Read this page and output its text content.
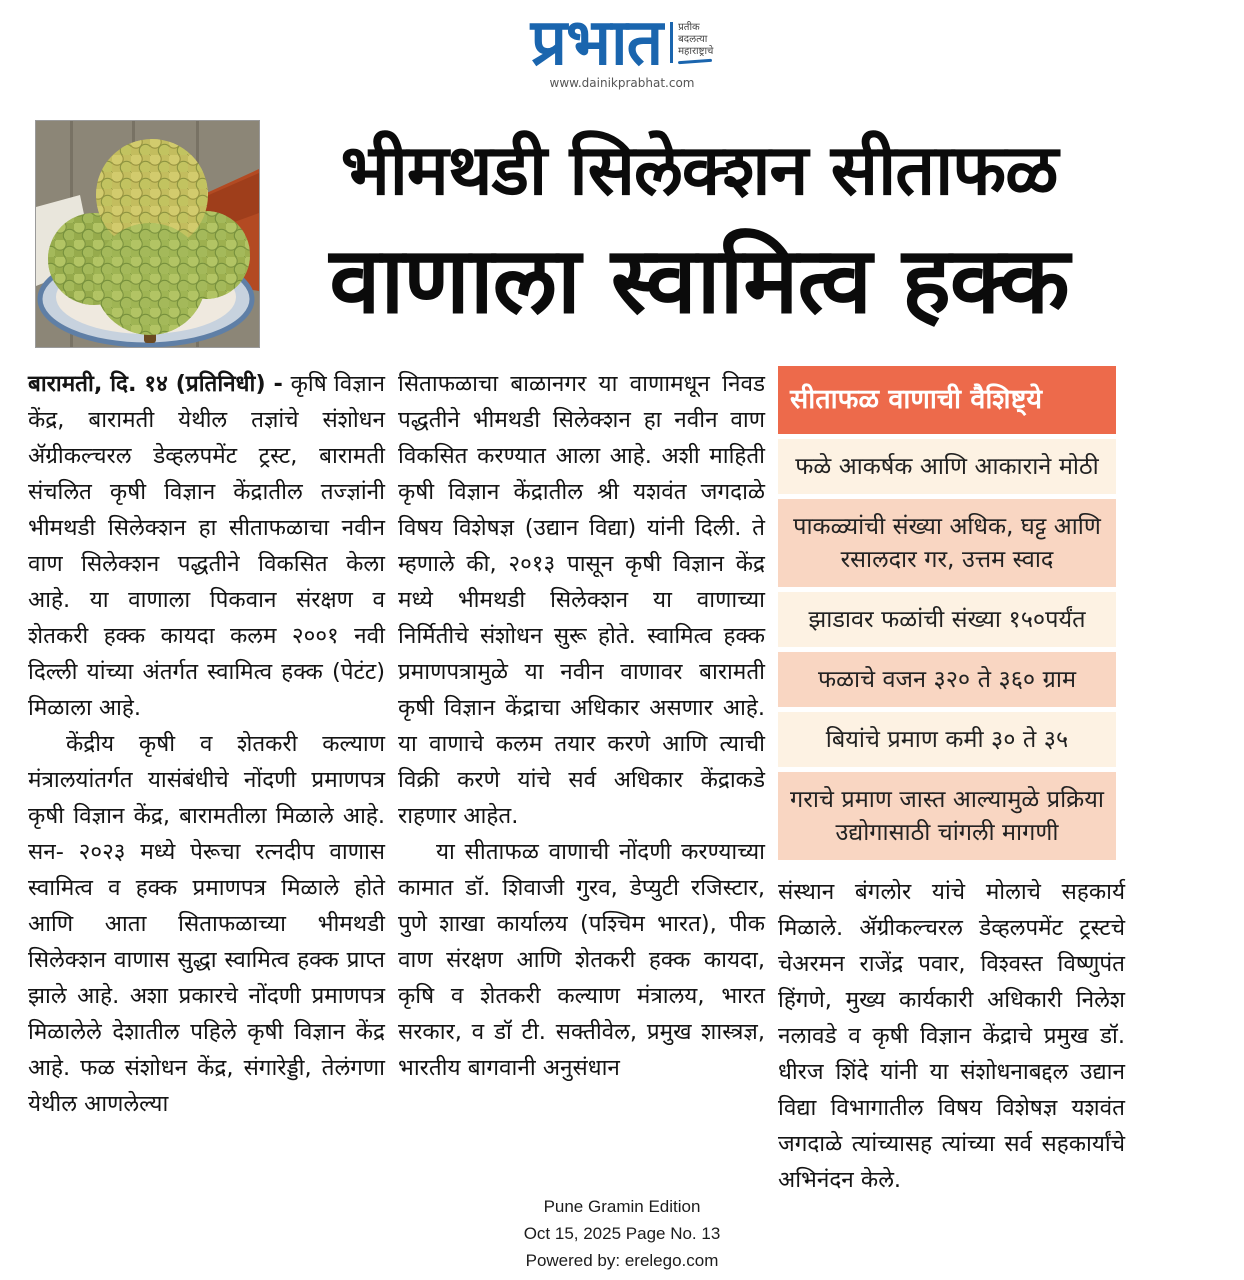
प्रभात प्रतीक
बदलत्या
महाराष्ट्राचे
www.dainikprabhat.com
भीमथडी सिलेक्शन सीताफळ
वाणाला स्वामित्व हक्क

बारामती, दि. १४ (प्रतिनिधी) - कृषि विज्ञान केंद्र, बारामती येथील तज्ञांचे संशोधन ॲग्रीकल्चरल डेव्हलपमेंट ट्रस्ट, बारामती संचलित कृषी विज्ञान केंद्रातील तज्ज्ञांनी भीमथडी सिलेक्शन हा सीताफळाचा नवीन वाण सिलेक्शन पद्धतीने विकसित केला आहे. या वाणाला पिकवान संरक्षण व शेतकरी हक्क कायदा कलम २००१ नवी दिल्ली यांच्या अंतर्गत स्वामित्व हक्क (पेटंट) मिळाला आहे.

केंद्रीय कृषी व शेतकरी कल्याण मंत्रालयांतर्गत यासंबंधीचे नोंदणी प्रमाणपत्र कृषी विज्ञान केंद्र, बारामतीला मिळाले आहे. सन- २०२३ मध्ये पेरूचा रत्नदीप वाणास स्वामित्व व हक्क प्रमाणपत्र मिळाले होते आणि आता सिताफळाच्या भीमथडी सिलेक्शन वाणास सुद्धा स्वामित्व हक्क प्राप्त झाले आहे. अशा प्रकारचे नोंदणी प्रमाणपत्र मिळालेले देशातील पहिले कृषी विज्ञान केंद्र आहे. फळ संशोधन केंद्र, संगारेड्डी, तेलंगणा येथील आणलेल्या

सिताफळाचा बाळानगर या वाणामधून निवड पद्धतीने भीमथडी सिलेक्शन हा नवीन वाण विकसित करण्यात आला आहे. अशी माहिती कृषी विज्ञान केंद्रातील श्री यशवंत जगदाळे विषय विशेषज्ञ (उद्यान विद्या) यांनी दिली. ते म्हणाले की, २०१३ पासून कृषी विज्ञान केंद्र मध्ये भीमथडी सिलेक्शन या वाणाच्या निर्मितीचे संशोधन सुरू होते. स्वामित्व हक्क प्रमाणपत्रामुळे या नवीन वाणावर बारामती कृषी विज्ञान केंद्राचा अधिकार असणार आहे. या वाणाचे कलम तयार करणे आणि त्याची विक्री करणे यांचे सर्व अधिकार केंद्राकडे राहणार आहेत.

या सीताफळ वाणाची नोंदणी करण्याच्या कामात डॉ. शिवाजी गुरव, डेप्युटी रजिस्टार, पुणे शाखा कार्यालय (पश्चिम भारत), पीक वाण संरक्षण आणि शेतकरी हक्क कायदा, कृषि व शेतकरी कल्याण मंत्रालय, भारत सरकार, व डॉ टी. सक्तीवेल, प्रमुख शास्त्रज्ञ, भारतीय बागवानी अनुसंधान

सीताफळ वाणाची वैशिष्ट्ये
फळे आकर्षक आणि आकाराने मोठी
पाकळ्यांची संख्या अधिक, घट्ट आणि रसालदार गर, उत्तम स्वाद
झाडावर फळांची संख्या १५०पर्यंत
फळाचे वजन ३२० ते ३६० ग्राम
बियांचे प्रमाण कमी ३० ते ३५
गराचे प्रमाण जास्त आल्यामुळे प्रक्रिया उद्योगासाठी चांगली मागणी

संस्थान बंगलोर यांचे मोलाचे सहकार्य मिळाले. ॲग्रीकल्चरल डेव्हलपमेंट ट्रस्टचे चेअरमन राजेंद्र पवार, विश्वस्त विष्णुपंत हिंगणे, मुख्य कार्यकारी अधिकारी निलेश नलावडे व कृषी विज्ञान केंद्राचे प्रमुख डॉ. धीरज शिंदे यांनी या संशोधनाबद्दल उद्यान विद्या विभागातील विषय विशेषज्ञ यशवंत जगदाळे त्यांच्यासह त्यांच्या सर्व सहकार्यांचे अभिनंदन केले.

Pune Gramin Edition
Oct 15, 2025 Page No. 13
Powered by: erelego.com
